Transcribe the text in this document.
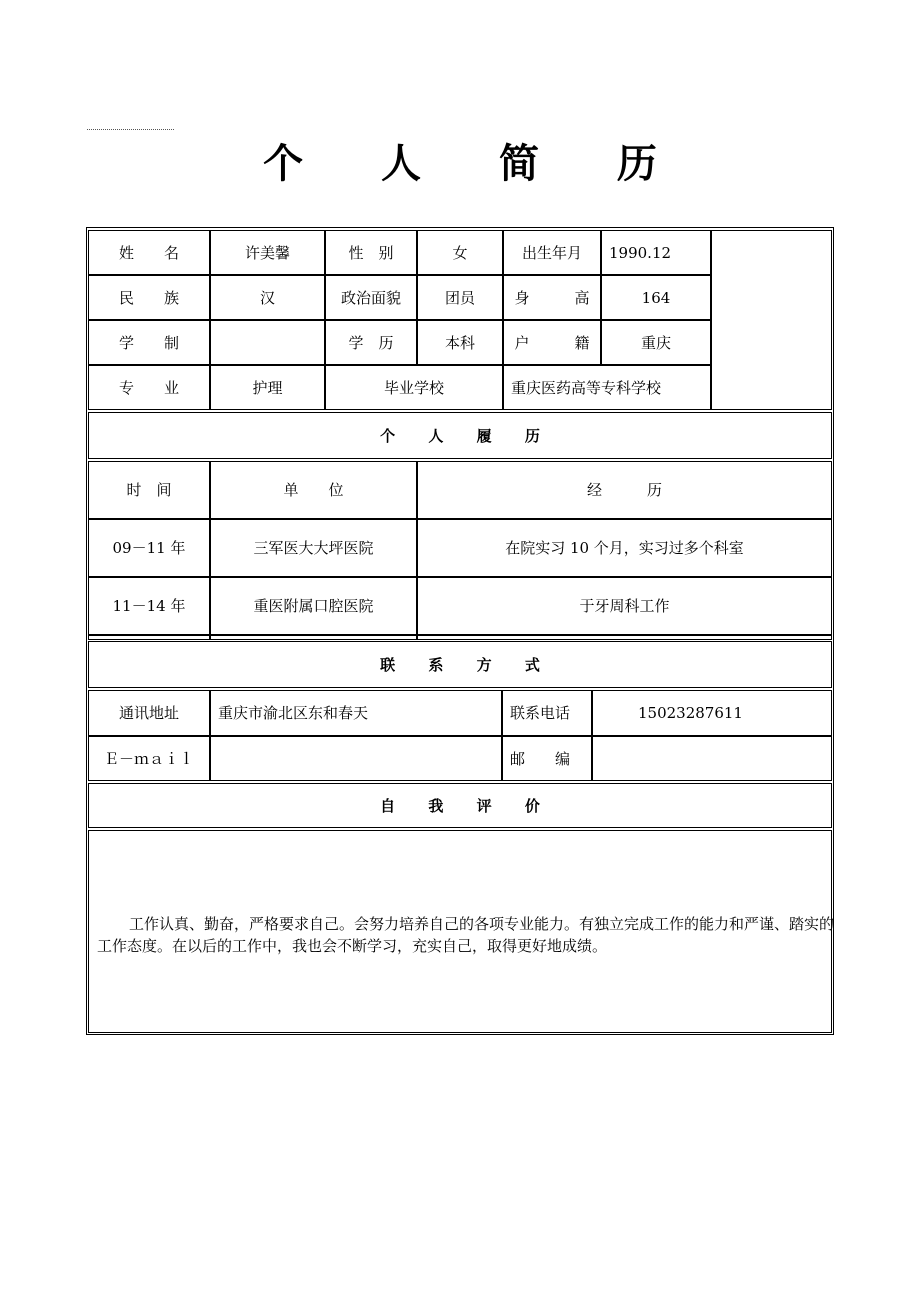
个 人 简 历
姓　　名	许美馨	性　别	女	出生年月	1990.12	
民　　族	汉	政治面貌	团员	身　　　高	164	
学　　制		学　历	本科	户　　　籍	重庆	
专　　业	护理	毕业学校		重庆医药高等专科学校		
个 人 履 历
时　间	单　　位	经　　　历
09－11 年	三军医大大坪医院	在院实习 10 个月，实习过多个科室
11－14 年	重医附属口腔医院	于牙周科工作

联 系 方 式
通讯地址	重庆市渝北区东和春天	联系电话	15023287611
Ｅ－ｍａｉｌ		邮　　编	
自 我 评 价
工作认真、勤奋，严格要求自己。会努力培养自己的各项专业能力。有独立完成工作的能力和严谨、踏实的工作态度。在以后的工作中，我也会不断学习，充实自己，取得更好地成绩。
